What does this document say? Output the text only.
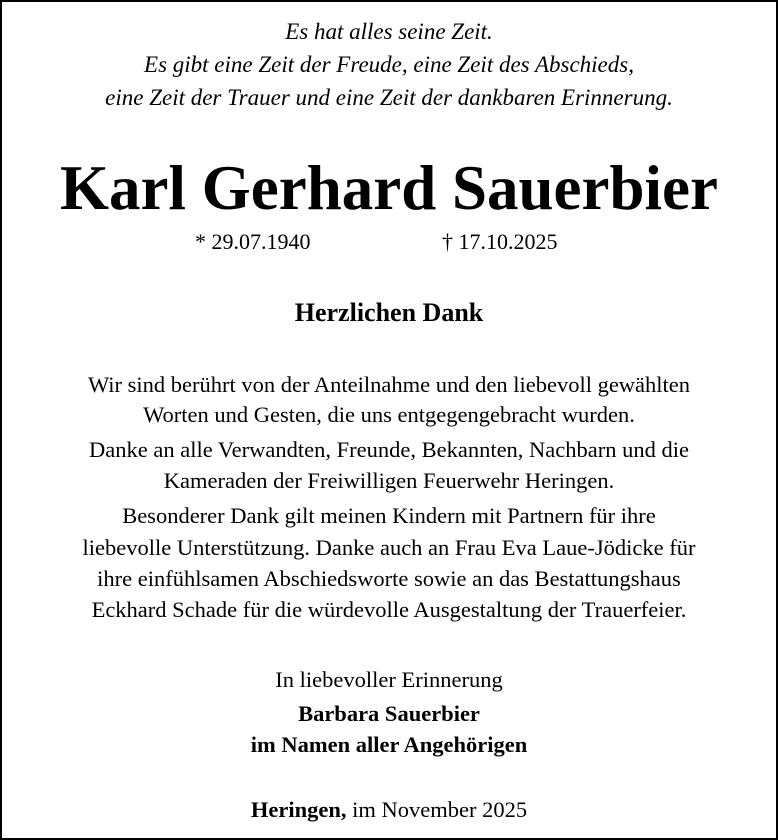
Es hat alles seine Zeit.
Es gibt eine Zeit der Freude, eine Zeit des Abschieds,
eine Zeit der Trauer und eine Zeit der dankbaren Erinnerung.
Karl Gerhard Sauerbier
* 29.07.1940	† 17.10.2025
Herzlichen Dank
Wir sind berührt von der Anteilnahme und den liebevoll gewählten
Worten und Gesten, die uns entgegengebracht wurden.
Danke an alle Verwandten, Freunde, Bekannten, Nachbarn und die
Kameraden der Freiwilligen Feuerwehr Heringen.
Besonderer Dank gilt meinen Kindern mit Partnern für ihre
liebevolle Unterstützung. Danke auch an Frau Eva Laue-Jödicke für
ihre einfühlsamen Abschiedsworte sowie an das Bestattungshaus
Eckhard Schade für die würdevolle Ausgestaltung der Trauerfeier.
In liebevoller Erinnerung
Barbara Sauerbier
im Namen aller Angehörigen
Heringen, im November 2025
